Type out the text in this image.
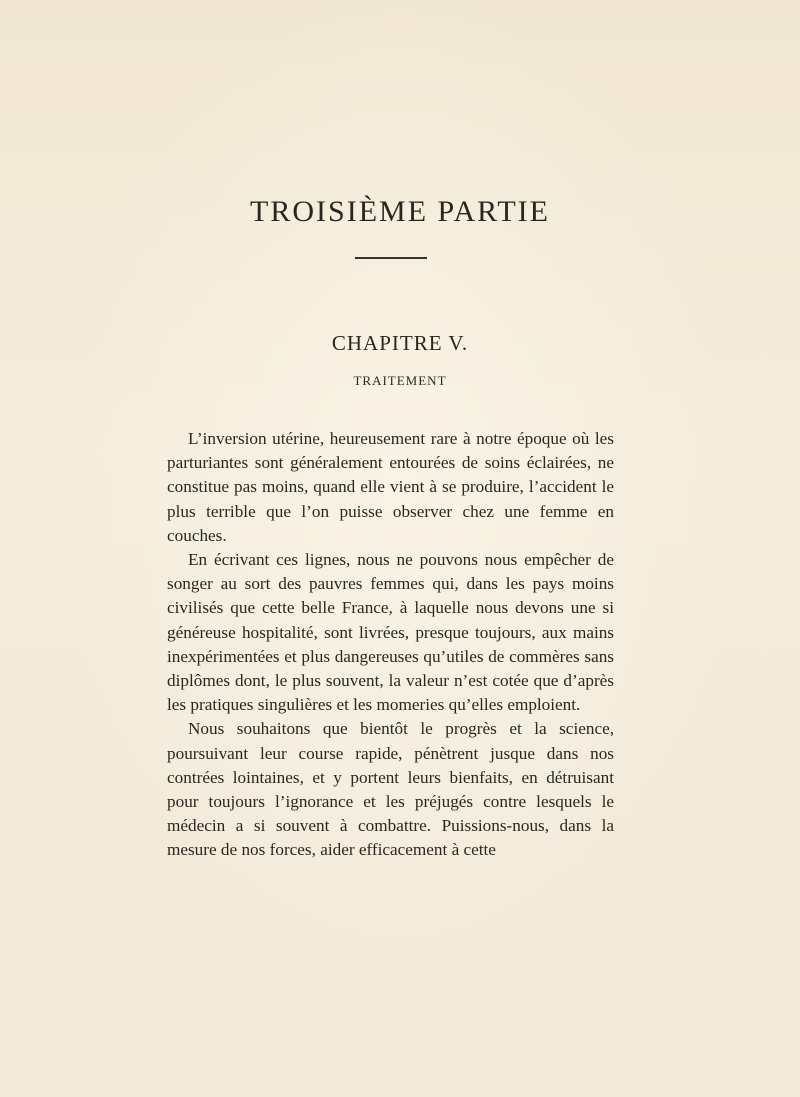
TROISIÈME PARTIE
CHAPITRE V.
TRAITEMENT

L’inversion utérine, heureusement rare à notre époque où les parturiantes sont généralement entourées de soins éclairées, ne constitue pas moins, quand elle vient à se produire, l’accident le plus terrible que l’on puisse observer chez une femme en couches.

En écrivant ces lignes, nous ne pouvons nous empêcher de songer au sort des pauvres femmes qui, dans les pays moins civilisés que cette belle France, à laquelle nous devons une si généreuse hospitalité, sont livrées, presque toujours, aux mains inexpérimentées et plus dangereuses qu’utiles de commères sans diplômes dont, le plus souvent, la valeur n’est cotée que d’après les pratiques singulières et les momeries qu’elles emploient.

Nous souhaitons que bientôt le progrès et la science, poursuivant leur course rapide, pénètrent jusque dans nos contrées lointaines, et y portent leurs bienfaits, en détruisant pour toujours l’ignorance et les préjugés contre lesquels le médecin a si souvent à combattre. Puissions-nous, dans la mesure de nos forces, aider efficacement à cette
